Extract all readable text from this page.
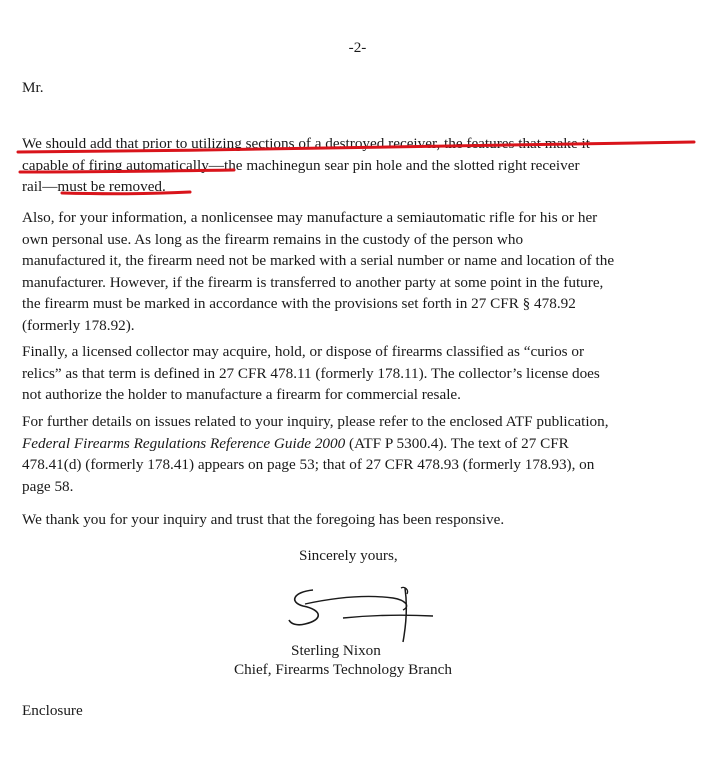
-2-
Mr.
We should add that prior to utilizing sections of a destroyed receiver, the features that make it
capable of firing automatically—the machinegun sear pin hole and the slotted right receiver
rail—must be removed.
Also, for your information, a nonlicensee may manufacture a semiautomatic rifle for his or her
own personal use. As long as the firearm remains in the custody of the person who
manufactured it, the firearm need not be marked with a serial number or name and location of the
manufacturer. However, if the firearm is transferred to another party at some point in the future,
the firearm must be marked in accordance with the provisions set forth in 27 CFR § 478.92
(formerly 178.92).
Finally, a licensed collector may acquire, hold, or dispose of firearms classified as “curios or
relics” as that term is defined in 27 CFR 478.11 (formerly 178.11). The collector’s license does
not authorize the holder to manufacture a firearm for commercial resale.
For further details on issues related to your inquiry, please refer to the enclosed ATF publication,
Federal Firearms Regulations Reference Guide 2000 (ATF P 5300.4). The text of 27 CFR
478.41(d) (formerly 178.41) appears on page 53; that of 27 CFR 478.93 (formerly 178.93), on
page 58.
We thank you for your inquiry and trust that the foregoing has been responsive.
Sincerely yours,
Sterling Nixon
Chief, Firearms Technology Branch
Enclosure
